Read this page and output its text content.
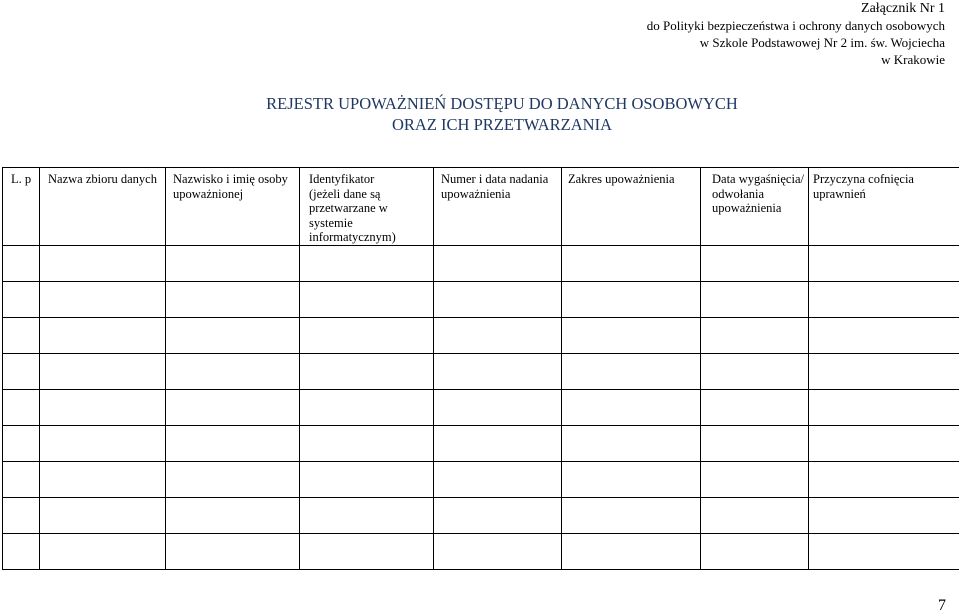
Załącznik Nr 1
do Polityki bezpieczeństwa i ochrony danych osobowych
w Szkole Podstawowej Nr 2 im. św. Wojciecha
w Krakowie
REJESTR UPOWAŻNIEŃ DOSTĘPU DO DANYCH OSOBOWYCH
ORAZ ICH PRZETWARZANIA
L. p	Nazwa zbioru danych	Nazwisko i imię osoby
upoważnionej	Identyfikator
(jeżeli dane są
przetwarzane w
systemie
informatycznym)	Numer i data nadania
upoważnienia	Zakres upoważnienia	Data wygaśnięcia/
odwołania
upoważnienia	Przyczyna cofnięcia
uprawnień

7
